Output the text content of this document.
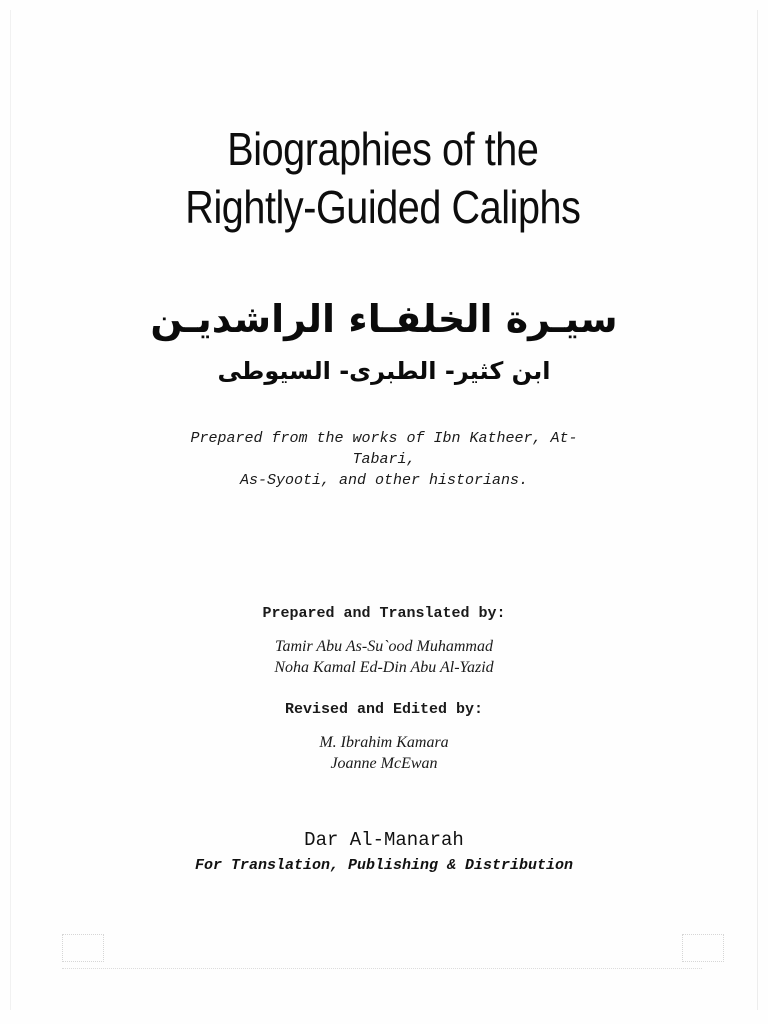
Biographies of the
Rightly-Guided Caliphs
سيـرة الخلفـاء الراشديـن
ابن كثير- الطبرى- السيوطى
Prepared from the works of Ibn Katheer, At-
Tabari,
As-Syooti, and other historians.
Prepared and Translated by:
Tamir Abu As-Su`ood Muhammad
Noha Kamal Ed-Din Abu Al-Yazid
Revised and Edited by:
M. Ibrahim Kamara
Joanne McEwan
Dar Al-Manarah
For Translation, Publishing & Distribution
